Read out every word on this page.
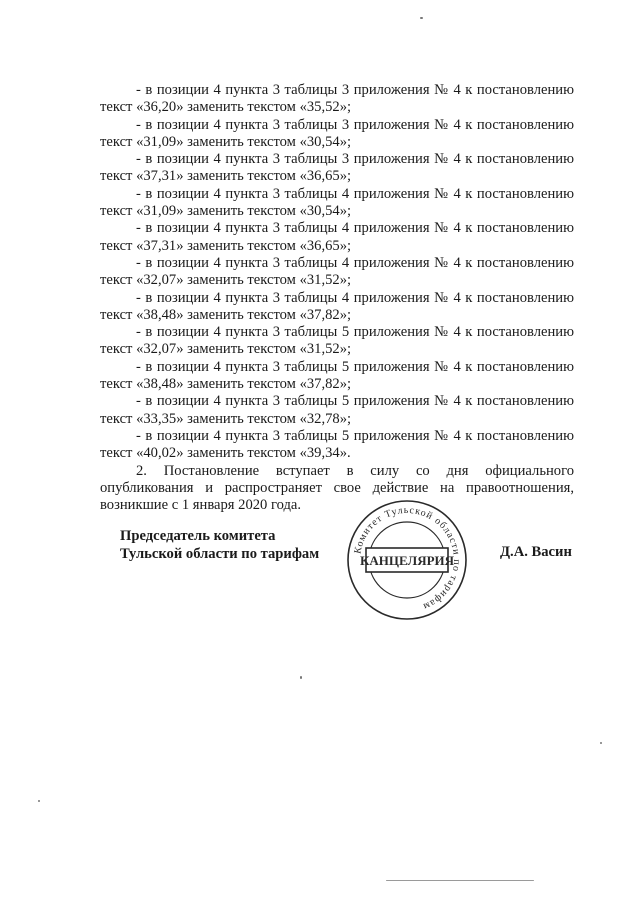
- в позиции 4 пункта 3 таблицы 3 приложения № 4 к постановлению
текст «36,20» заменить текстом «35,52»;

- в позиции 4 пункта 3 таблицы 3 приложения № 4 к постановлению
текст «31,09» заменить текстом «30,54»;

- в позиции 4 пункта 3 таблицы 3 приложения № 4 к постановлению
текст «37,31» заменить текстом «36,65»;

- в позиции 4 пункта 3 таблицы 4 приложения № 4 к постановлению
текст «31,09» заменить текстом «30,54»;

- в позиции 4 пункта 3 таблицы 4 приложения № 4 к постановлению
текст «37,31» заменить текстом «36,65»;

- в позиции 4 пункта 3 таблицы 4 приложения № 4 к постановлению
текст «32,07» заменить текстом «31,52»;

- в позиции 4 пункта 3 таблицы 4 приложения № 4 к постановлению
текст «38,48» заменить текстом «37,82»;

- в позиции 4 пункта 3 таблицы 5 приложения № 4 к постановлению
текст «32,07» заменить текстом «31,52»;

- в позиции 4 пункта 3 таблицы 5 приложения № 4 к постановлению
текст «38,48» заменить текстом «37,82»;

- в позиции 4 пункта 3 таблицы 5 приложения № 4 к постановлению
текст «33,35» заменить текстом «32,78»;

- в позиции 4 пункта 3 таблицы 5 приложения № 4 к постановлению
текст «40,02» заменить текстом «39,34».

2. Постановление вступает в силу со дня официального опубликования и распространяет свое действие на правоотношения, возникшие с 1 января 2020 года.

Председатель комитета
Тульской области по тарифам	Комитет Тульской области по тарифам
КАНЦЕЛЯРИЯ
Д.А. Васин
